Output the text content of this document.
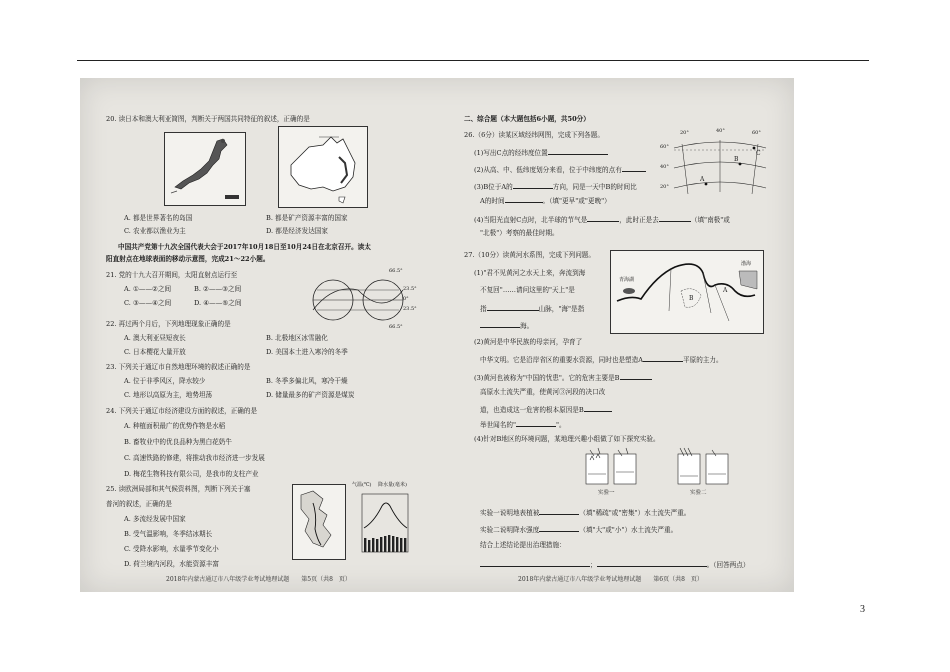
20. 读日本和澳大利亚简图，判断关于两国共同特征的叙述，正确的是
A. 都是世界著名的岛国	B. 都是矿产资源丰富的国家
C. 农业都以渔业为主	D. 都是经济发达国家
中国共产党第十九次全国代表大会于2017年10月18日至10月24日在北京召开。读太
阳直射点在地球表面的移动示意图，完成21～22小题。
21. 党的十九大召开期间，太阳直射点运行至
A. ①——②之间	B. ②——③之间
C. ③——④之间	D. ④——⑤之间
66.5°
23.5°
0°
23.5°
66.5°
22. 再过两个月后，下列地理现象正确的是
A. 澳大利亚昼短夜长	B. 北极地区冰雪融化
C. 日本樱花大量开放	D. 美国本土进入寒冷的冬季
23. 下列关于通辽市自然地理环境的叙述正确的是
A. 位于非季风区，降水较少	B. 冬季多偏北风，寒冷干燥
C. 地形以高原为主，地势坦荡	D. 储量最多的矿产资源是煤炭
24. 下列关于通辽市经济建设方面的叙述，正确的是
A. 种植面积最广的优势作物是水稻
B. 畜牧业中的优良品种为黑白花奶牛
C. 高速铁路的修建，将推动我市经济进一步发展
D. 梅花生物科技有限公司，是我市的支柱产业
25. 读欧洲局部和其气候资料图，判断下列关于塞
普河的叙述，正确的是
A. 多流经发展中国家
B. 受气温影响，冬季结冰期长
C. 受降水影响，水量季节变化小
D. 荷兰境内河段，水能资源丰富
气温(℃) 降水量(毫米)
2018年内蒙古通辽市八年级学业考试地理试题　　第5页（共8　页）
二、综合题（本大题包括6小题，共50分）
26.（6分）读某区域经纬网图，完成下列各题。
(1)写出C点的经纬度位置
(2)从高、中、低纬度划分来看，位于中纬度的点有
(3)B位于A的	方向，同是一天中B的时间比
A的时间	。（填"更早"或"更晚"）
(4)当阳光直射C点时，北半球的节气是	，此时正是去	（填"南极"或
"北极"）考察的最佳时期。
20°	40°	60°
60°
40°
20°
A
B
C
27.（10分）读黄河水系图，完成下列问题。
(1)"君不见黄河之水天上来，奔流到海
不复回"……请问这里的"天上"是
指	山脉，"海"是指
海。
青海湖
渤海
A
B
(2)黄河是中华民族的母亲河，孕育了
中华文明。它是沿岸省区的重要水资源，同时也是塑造A	平原的主力。
(3)黄河也被称为"中国的忧患"。它的危害主要是B
高原水土流失严重，使黄河③河段的决口改
道，也造成这一危害的根本原因是B
举世闻名的"	"。
(4)针对B地区的环境问题，某地理兴趣小组做了如下探究实验。
实验一	实验二
实验一说明地表植被	（填"稀疏"或"密集"）水土流失严重。
实验二说明降水强度	（填"大"或"小"）水土流失严重。
结合上述结论提出治理措施：
；	。（回答两点）
2018年内蒙古通辽市八年级学业考试地理试题　　第6页（共8　页）
3
